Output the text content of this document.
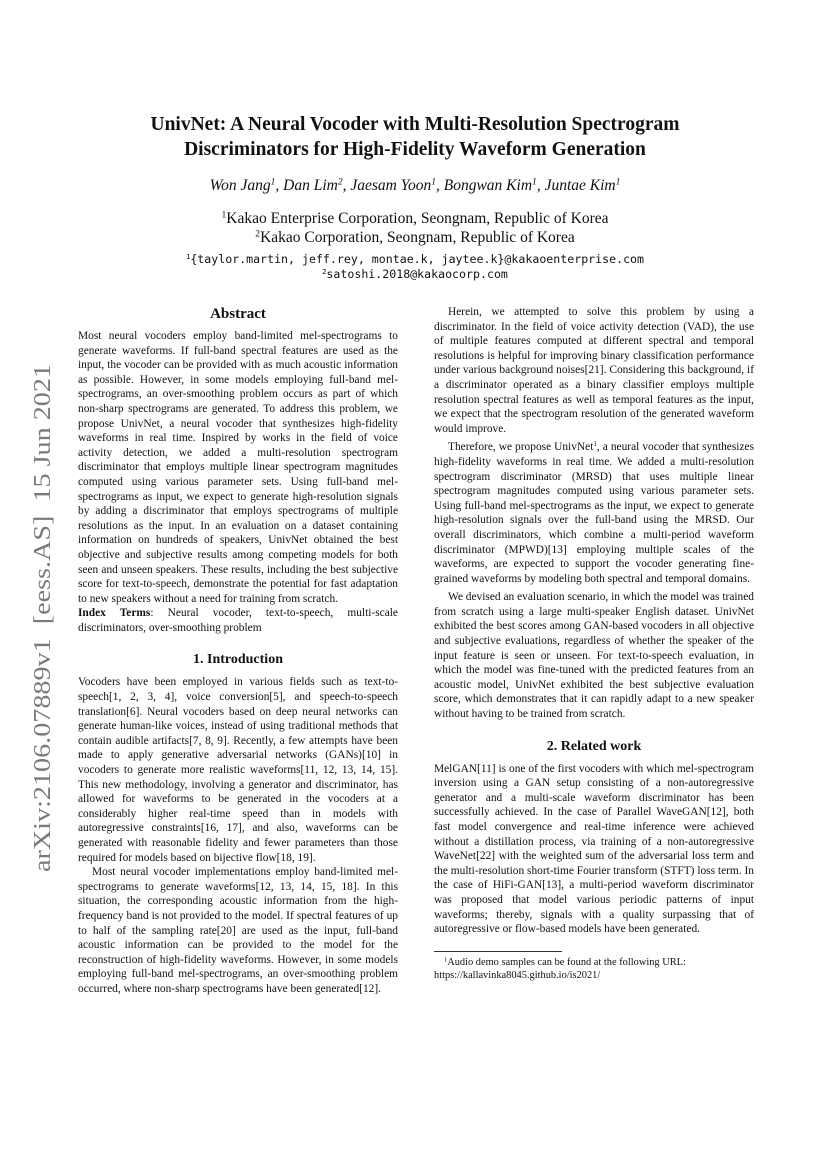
arXiv:2106.07889v1  [eess.AS]  15 Jun 2021
UnivNet: A Neural Vocoder with Multi-Resolution Spectrogram
Discriminators for High-Fidelity Waveform Generation
Won Jang$^1$, Dan Lim$^2$, Jaesam Yoon$^1$, Bongwan Kim$^1$, Juntae Kim$^1$
$^1$Kakao Enterprise Corporation, Seongnam, Republic of Korea
$^2$Kakao Corporation, Seongnam, Republic of Korea
$^1${taylor.martin, jeff.rey, montae.k, jaytee.k}@kakaoenterprise.com
$^2$satoshi.2018@kakaocorp.com
Abstract

Most neural vocoders employ band-limited mel-spectrograms to generate waveforms. If full-band spectral features are used as the input, the vocoder can be provided with as much acoustic information as possible. However, in some models employing full-band mel-spectrograms, an over-smoothing problem occurs as part of which non-sharp spectrograms are generated. To address this problem, we propose UnivNet, a neural vocoder that synthesizes high-fidelity waveforms in real time. Inspired by works in the field of voice activity detection, we added a multi-resolution spectrogram discriminator that employs multiple linear spectrogram magnitudes computed using various parameter sets. Using full-band mel-spectrograms as input, we expect to generate high-resolution signals by adding a discriminator that employs spectrograms of multiple resolutions as the input. In an evaluation on a dataset containing information on hundreds of speakers, UnivNet obtained the best objective and subjective results among competing models for both seen and unseen speakers. These results, including the best subjective score for text-to-speech, demonstrate the potential for fast adaptation to new speakers without a need for training from scratch.

Index Terms: Neural vocoder, text-to-speech, multi-scale discriminators, over-smoothing problem

1. Introduction

Vocoders have been employed in various fields such as text-to-speech[1, 2, 3, 4], voice conversion[5], and speech-to-speech translation[6]. Neural vocoders based on deep neural networks can generate human-like voices, instead of using traditional methods that contain audible artifacts[7, 8, 9]. Recently, a few attempts have been made to apply generative adversarial networks (GANs)[10] in vocoders to generate more realistic waveforms[11, 12, 13, 14, 15]. This new methodology, involving a generator and discriminator, has allowed for waveforms to be generated in the vocoders at a considerably higher real-time speed than in models with autoregressive constraints[16, 17], and also, waveforms can be generated with reasonable fidelity and fewer parameters than those required for models based on bijective flow[18, 19].

Most neural vocoder implementations employ band-limited mel-spectrograms to generate waveforms[12, 13, 14, 15, 18]. In this situation, the corresponding acoustic information from the high-frequency band is not provided to the model. If spectral features of up to half of the sampling rate[20] are used as the input, full-band acoustic information can be provided to the model for the reconstruction of high-fidelity waveforms. However, in some models employing full-band mel-spectrograms, an over-smoothing problem occurred, where non-sharp spectrograms have been generated[12].

Herein, we attempted to solve this problem by using a discriminator. In the field of voice activity detection (VAD), the use of multiple features computed at different spectral and temporal resolutions is helpful for improving binary classification performance under various background noises[21]. Considering this background, if a discriminator operated as a binary classifier employs multiple resolution spectral features as well as temporal features as the input, we expect that the spectrogram resolution of the generated waveform would improve.

Therefore, we propose UnivNet$^1$, a neural vocoder that synthesizes high-fidelity waveforms in real time. We added a multi-resolution spectrogram discriminator (MRSD) that uses multiple linear spectrogram magnitudes computed using various parameter sets. Using full-band mel-spectrograms as the input, we expect to generate high-resolution signals over the full-band using the MRSD. Our overall discriminators, which combine a multi-period waveform discriminator (MPWD)[13] employing multiple scales of the waveforms, are expected to support the vocoder generating fine-grained waveforms by modeling both spectral and temporal domains.

We devised an evaluation scenario, in which the model was trained from scratch using a large multi-speaker English dataset. UnivNet exhibited the best scores among GAN-based vocoders in all objective and subjective evaluations, regardless of whether the speaker of the input feature is seen or unseen. For text-to-speech evaluation, in which the model was fine-tuned with the predicted features from an acoustic model, UnivNet exhibited the best subjective evaluation score, which demonstrates that it can rapidly adapt to a new speaker without having to be trained from scratch.

2. Related work

MelGAN[11] is one of the first vocoders with which mel-spectrogram inversion using a GAN setup consisting of a non-autoregressive generator and a multi-scale waveform discriminator has been successfully achieved. In the case of Parallel WaveGAN[12], both fast model convergence and real-time inference were achieved without a distillation process, via training of a non-autoregressive WaveNet[22] with the weighted sum of the adversarial loss term and the multi-resolution short-time Fourier transform (STFT) loss term. In the case of HiFi-GAN[13], a multi-period waveform discriminator was proposed that model various periodic patterns of input waveforms; thereby, signals with a quality surpassing that of autoregressive or flow-based models have been generated.

$^1$Audio demo samples can be found at the following URL: https://kallavinka8045.github.io/is2021/
